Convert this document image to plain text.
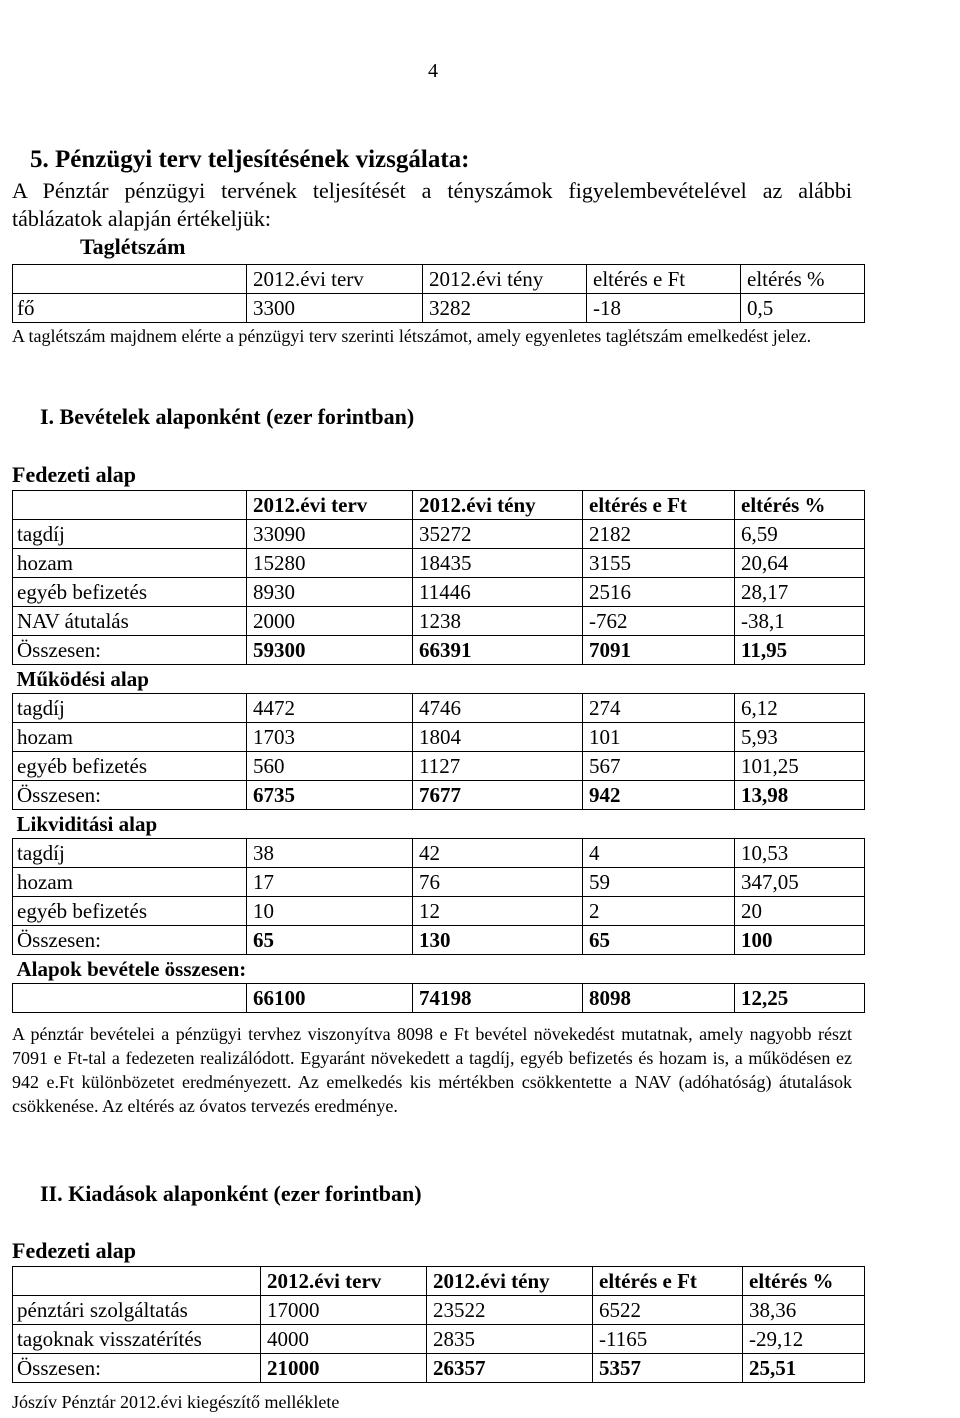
4
5. Pénzügyi terv teljesítésének vizsgálata:
A Pénztár pénzügyi tervének teljesítését a tényszámok figyelembevételével az alábbi táblázatok alapján értékeljük:
Taglétszám
	2012.évi terv	2012.évi tény	eltérés e Ft	eltérés %
fő	3300	3282	-18	0,5
A taglétszám majdnem elérte a pénzügyi terv szerinti létszámot, amely egyenletes taglétszám emelkedést jelez.
I. Bevételek alaponként (ezer forintban)
Fedezeti alap
	2012.évi terv	2012.évi tény	eltérés e Ft	eltérés %
tagdíj	33090	35272	2182	6,59
hozam	15280	18435	3155	20,64
egyéb befizetés	8930	11446	2516	28,17
NAV átutalás	2000	1238	-762	-38,1
Összesen:	59300	66391	7091	11,95
Működési alap				
tagdíj	4472	4746	274	6,12
hozam	1703	1804	101	5,93
egyéb befizetés	560	1127	567	101,25
Összesen:	6735	7677	942	13,98
Likviditási alap				
tagdíj	38	42	4	10,53
hozam	17	76	59	347,05
egyéb befizetés	10	12	2	20
Összesen:	65	130	65	100
Alapok bevétele összesen:				
	66100	74198	8098	12,25
A pénztár bevételei a pénzügyi tervhez viszonyítva 8098 e Ft bevétel növekedést mutatnak, amely nagyobb részt 7091 e Ft-tal a fedezeten realizálódott. Egyaránt növekedett a tagdíj, egyéb befizetés és hozam is, a működésen ez 942 e.Ft különbözetet eredményezett. Az emelkedés kis mértékben csökkentette a NAV (adóhatóság) átutalások csökkenése. Az eltérés az óvatos tervezés eredménye.
II. Kiadások alaponként (ezer forintban)
Fedezeti alap
	2012.évi terv	2012.évi tény	eltérés e Ft	eltérés %
pénztári szolgáltatás	17000	23522	6522	38,36
tagoknak visszatérítés	4000	2835	-1165	-29,12
Összesen:	21000	26357	5357	25,51
Jószív Pénztár 2012.évi kiegészítő melléklete
